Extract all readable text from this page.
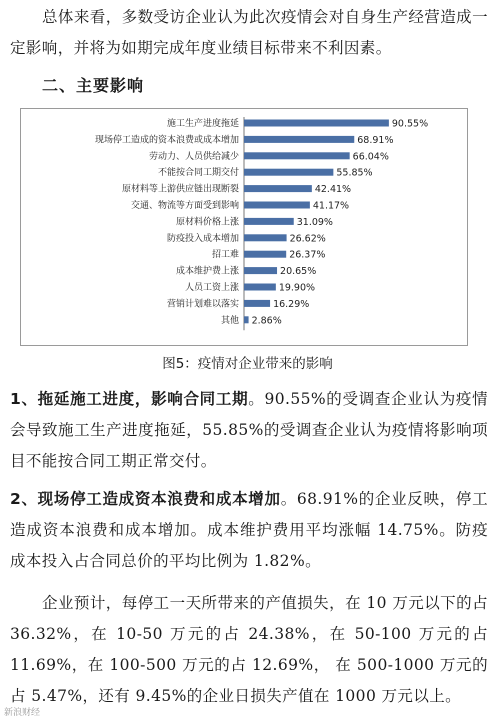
总体来看，多数受访企业认为此次疫情会对自身生产经营造成一定影响，并将为如期完成年度业绩目标带来不利因素。

二、主要影响

施工生产进度拖延	90.55%
现场停工造成的资本浪费或成本增加	68.91%
劳动力、人员供给减少	66.04%
不能按合同工期交付	55.85%
原材料等上游供应链出现断裂	42.41%
交通、物流等方面受到影响	41.17%
原材料价格上涨	31.09%
防疫投入成本增加	26.62%
招工难	26.37%
成本维护费上涨	20.65%
人员工资上涨	19.90%
营销计划难以落实	16.29%
其他 2.86%

图5：疫情对企业带来的影响

1、拖延施工进度，影响合同工期。90.55%的受调查企业认为疫情会导致施工生产进度拖延，55.85%的受调查企业认为疫情将影响项目不能按合同工期正常交付。

2、现场停工造成资本浪费和成本增加。68.91%的企业反映，停工造成资本浪费和成本增加。成本维护费用平均涨幅 14.75%。防疫成本投入占合同总价的平均比例为 1.82%。

企业预计，每停工一天所带来的产值损失，在 10 万元以下的占 36.32%，在 10-50 万元的占 24.38%，在 50-100 万元的占 11.69%，在 100-500 万元的占 12.69%， 在 500-1000 万元的占 5.47%，还有 9.45%的企业日损失产值在 1000 万元以上。

新浪财经
